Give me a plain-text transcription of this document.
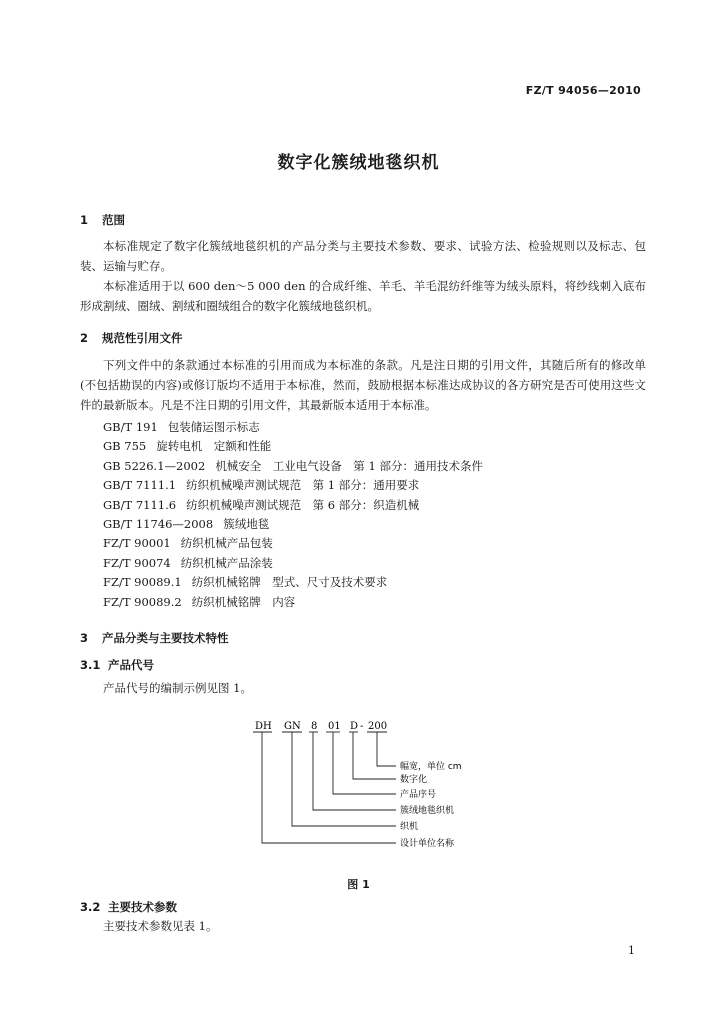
FZ/T 94056—2010
数字化簇绒地毯织机
1 范围

本标准规定了数字化簇绒地毯织机的产品分类与主要技术参数、要求、试验方法、检验规则以及标志、包装、运输与贮存。

本标准适用于以 600 den～5 000 den 的合成纤维、羊毛、羊毛混纺纤维等为绒头原料，将纱线刺入底布形成割绒、圈绒、割绒和圈绒组合的数字化簇绒地毯织机。

2 规范性引用文件

下列文件中的条款通过本标准的引用而成为本标准的条款。凡是注日期的引用文件，其随后所有的修改单(不包括勘误的内容)或修订版均不适用于本标准，然而，鼓励根据本标准达成协议的各方研究是否可使用这些文件的最新版本。凡是不注日期的引用文件，其最新版本适用于本标准。

GB/T 191 包装储运图示标志
GB 755 旋转电机　定额和性能
GB 5226.1—2002 机械安全　工业电气设备　第 1 部分：通用技术条件
GB/T 7111.1 纺织机械噪声测试规范　第 1 部分：通用要求
GB/T 7111.6 纺织机械噪声测试规范　第 6 部分：织造机械
GB/T 11746—2008 簇绒地毯
FZ/T 90001 纺织机械产品包装
FZ/T 90074 纺织机械产品涂装
FZ/T 90089.1 纺织机械铭牌　型式、尺寸及技术要求
FZ/T 90089.2 纺织机械铭牌　内容
3 产品分类与主要技术特性
3.1 产品代号
产品代号的编制示例见图 1。
DH GN 8 01 D - 200
幅宽，单位 cm
数字化
产品序号
簇绒地毯织机
织机
设计单位名称
图 1
3.2 主要技术参数
主要技术参数见表 1。
1
